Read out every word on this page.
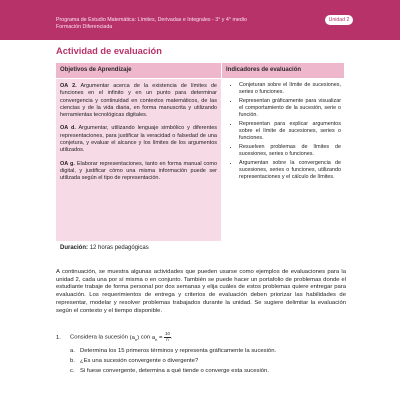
Programa de Estudio Matemática: Límites, Derivadas e Integrales - 3° y 4° medio
Formación Diferenciada
Unidad 2
Actividad de evaluación
Objetivos de Aprendizaje	Indicadores de evaluación

OA 2. Argumentar acerca de la existencia de límites de funciones en el infinito y en un punto para determinar convergencia y continuidad en contextos matemáticos, de las ciencias y de la vida diaria, en forma manuscrita y utilizando herramientas tecnológicas digitales.

OA d. Argumentar, utilizando lenguaje simbólico y diferentes representaciones, para justificar la veracidad o falsedad de una conjetura, y evaluar el alcance y los límites de los argumentos utilizados.

OA g. Elaborar representaciones, tanto en forma manual como digital, y justificar cómo una misma información puede ser utilizada según el tipo de representación.

• Conjeturan sobre el límite de sucesiones, series o funciones.
• Representan gráficamente para visualizar el comportamiento de la sucesión, serie o función.
• Representan para explicar argumentos sobre el límite de sucesiones, series o funciones.
• Resuelven problemas de límites de sucesiones, series o funciones.
• Argumentan sobre la convergencia de sucesiones, series o funciones, utilizando representaciones y el cálculo de límites.
Duración: 12 horas pedagógicas
A continuación, se muestra algunas actividades que pueden usarse como ejemplos de evaluaciones para la unidad 2, cada una por sí misma o en conjunto. También se puede hacer un portafolio de problemas donde el estudiante trabaje de forma personal por dos semanas y elija cuáles de estos problemas quiere entregar para evaluación. Los requerimientos de entrega y criterios de evaluación deben priorizar las habilidades de representar, modelar y resolver problemas trabajados durante la unidad. Se sugiere delimitar la evaluación según el contexto y el tiempo disponible.
1. Considera la sucesión $(a_n)$ con $a_n = \frac{10}{n}$ .
a. Determina los 15 primeros términos y representa gráficamente la sucesión.
b. ¿Es una sucesión convergente o divergente?
c. Si fuese convergente, determina a qué tiende o converge esta sucesión.
